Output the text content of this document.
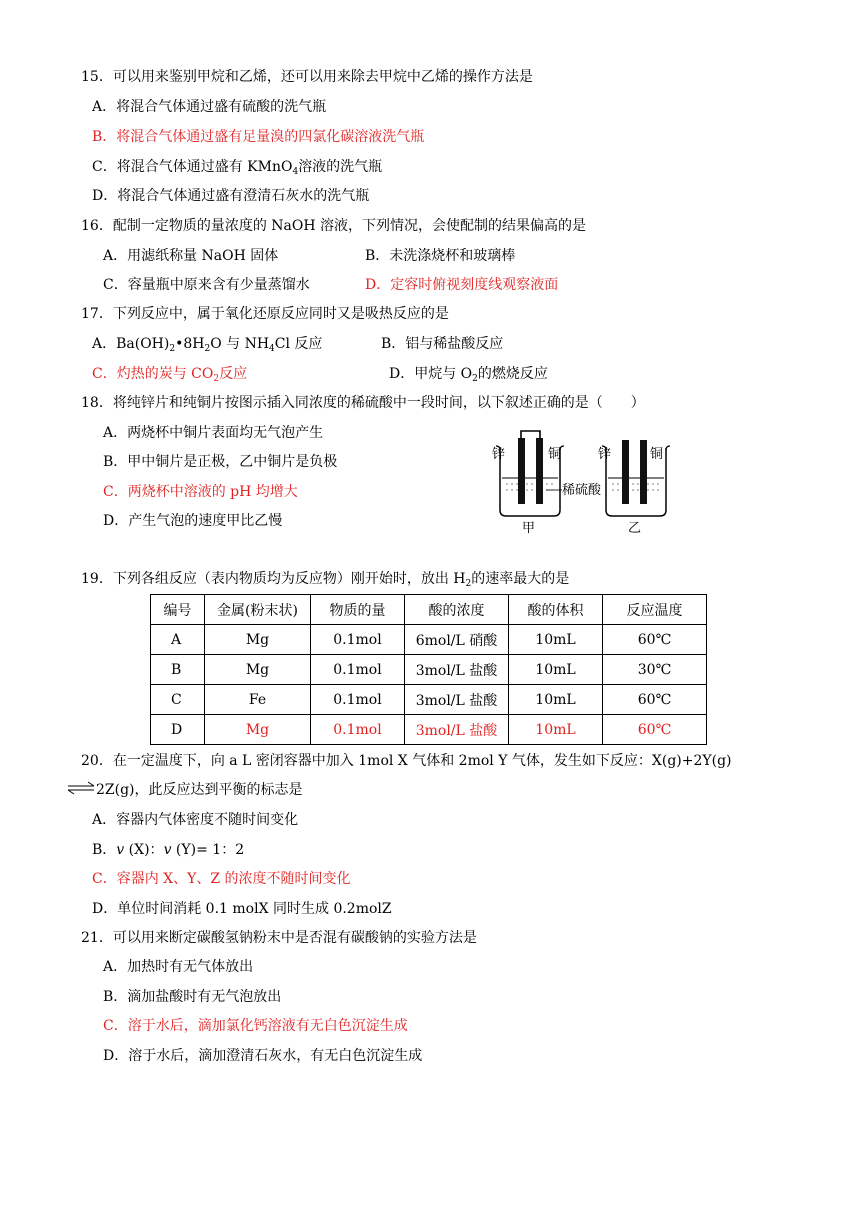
15．可以用来鉴别甲烷和乙烯，还可以用来除去甲烷中乙烯的操作方法是
A．将混合气体通过盛有硫酸的洗气瓶
B．将混合气体通过盛有足量溴的四氯化碳溶液洗气瓶
C．将混合气体通过盛有 KMnO$_4$溶液的洗气瓶
D．将混合气体通过盛有澄清石灰水的洗气瓶
16．配制一定物质的量浓度的 NaOH 溶液，下列情况，会使配制的结果偏高的是
A．用滤纸称量 NaOH 固体	B．未洗涤烧杯和玻璃棒
C．容量瓶中原来含有少量蒸馏水	D．定容时俯视刻度线观察液面
17．下列反应中，属于氧化还原反应同时又是吸热反应的是
A．$Ba(OH)_2•8H_2O$ 与 $NH_4Cl$ 反应	B．铝与稀盐酸反应
C．灼热的炭与 $CO_2$反应	D．甲烷与 $O_2$的燃烧反应
18．将纯锌片和纯铜片按图示插入同浓度的稀硫酸中一段时间，以下叙述正确的是（　　）
A．两烧杯中铜片表面均无气泡产生
B．甲中铜片是正极，乙中铜片是负极
C．两烧杯中溶液的 pH 均增大
D．产生气泡的速度甲比乙慢
锌	铜	锌	铜
稀硫酸
甲	乙
19．下列各组反应（表内物质均为反应物）刚开始时，放出 $H_2$的速率最大的是
编号	金属(粉末状)	物质的量	酸的浓度	酸的体积	反应温度
A	Mg	0.1mol	6mol/L 硝酸	10mL	60℃
B	Mg	0.1mol	3mol/L 盐酸	10mL	30℃
C	Fe	0.1mol	3mol/L 盐酸	10mL	60℃
D	Mg	0.1mol	3mol/L 盐酸	10mL	60℃
20．在一定温度下，向 a L 密闭容器中加入 1mol X 气体和 2mol Y 气体，发生如下反应：X(g)+2Y(g)
⇌ 2Z(g)，此反应达到平衡的标志是
A．容器内气体密度不随时间变化
B．v (X)：v (Y)= 1：2
C．容器内 X、Y、Z 的浓度不随时间变化
D．单位时间消耗 0.1 molX 同时生成 0.2molZ
21．可以用来断定碳酸氢钠粉末中是否混有碳酸钠的实验方法是
A．加热时有无气体放出
B．滴加盐酸时有无气泡放出
C．溶于水后，滴加氯化钙溶液有无白色沉淀生成
D．溶于水后，滴加澄清石灰水，有无白色沉淀生成
